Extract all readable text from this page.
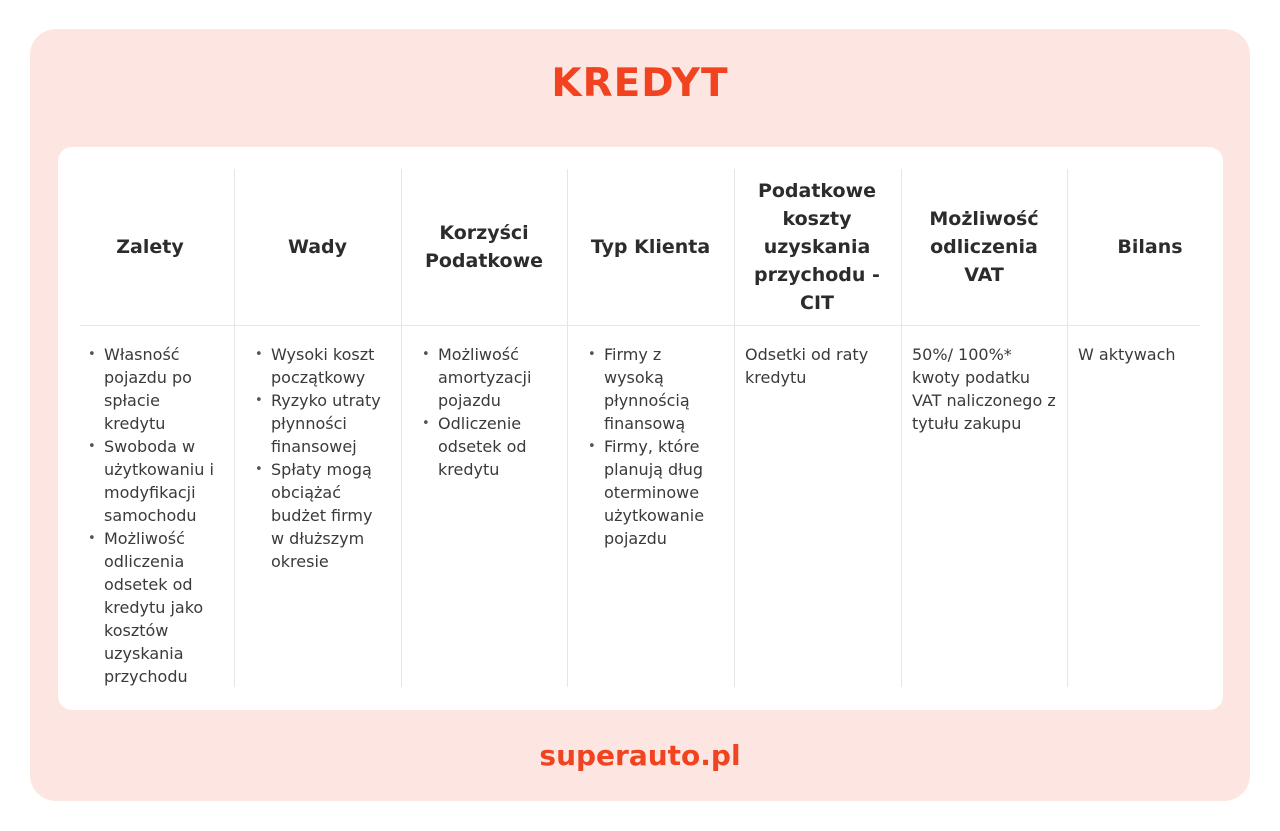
KREDYT
Zalety	Wady
Korzyści Podatkowe
Typ Klienta
Podatkowe koszty uzyskania przychodu - CIT
Możliwość odliczenia VAT
Bilans
• Własność pojazdu po spłacie kredytu
• Swoboda w użytkowaniu i modyfikacji samochodu
• Możliwość odliczenia odsetek od kredytu jako kosztów uzyskania przychodu
• Wysoki koszt początkowy
• Ryzyko utraty płynności finansowej
• Spłaty mogą obciążać budżet firmy w dłuższym okresie
• Możliwość amortyzacji pojazdu
• Odliczenie odsetek od kredytu
• Firmy z wysoką płynnością finansową
• Firmy, które planują długoterminowe użytkowanie pojazdu

Odsetki od raty kredytu

50%/ 100%* kwoty podatku VAT naliczonego z tytułu zakupu

W aktywach

superauto.pl
